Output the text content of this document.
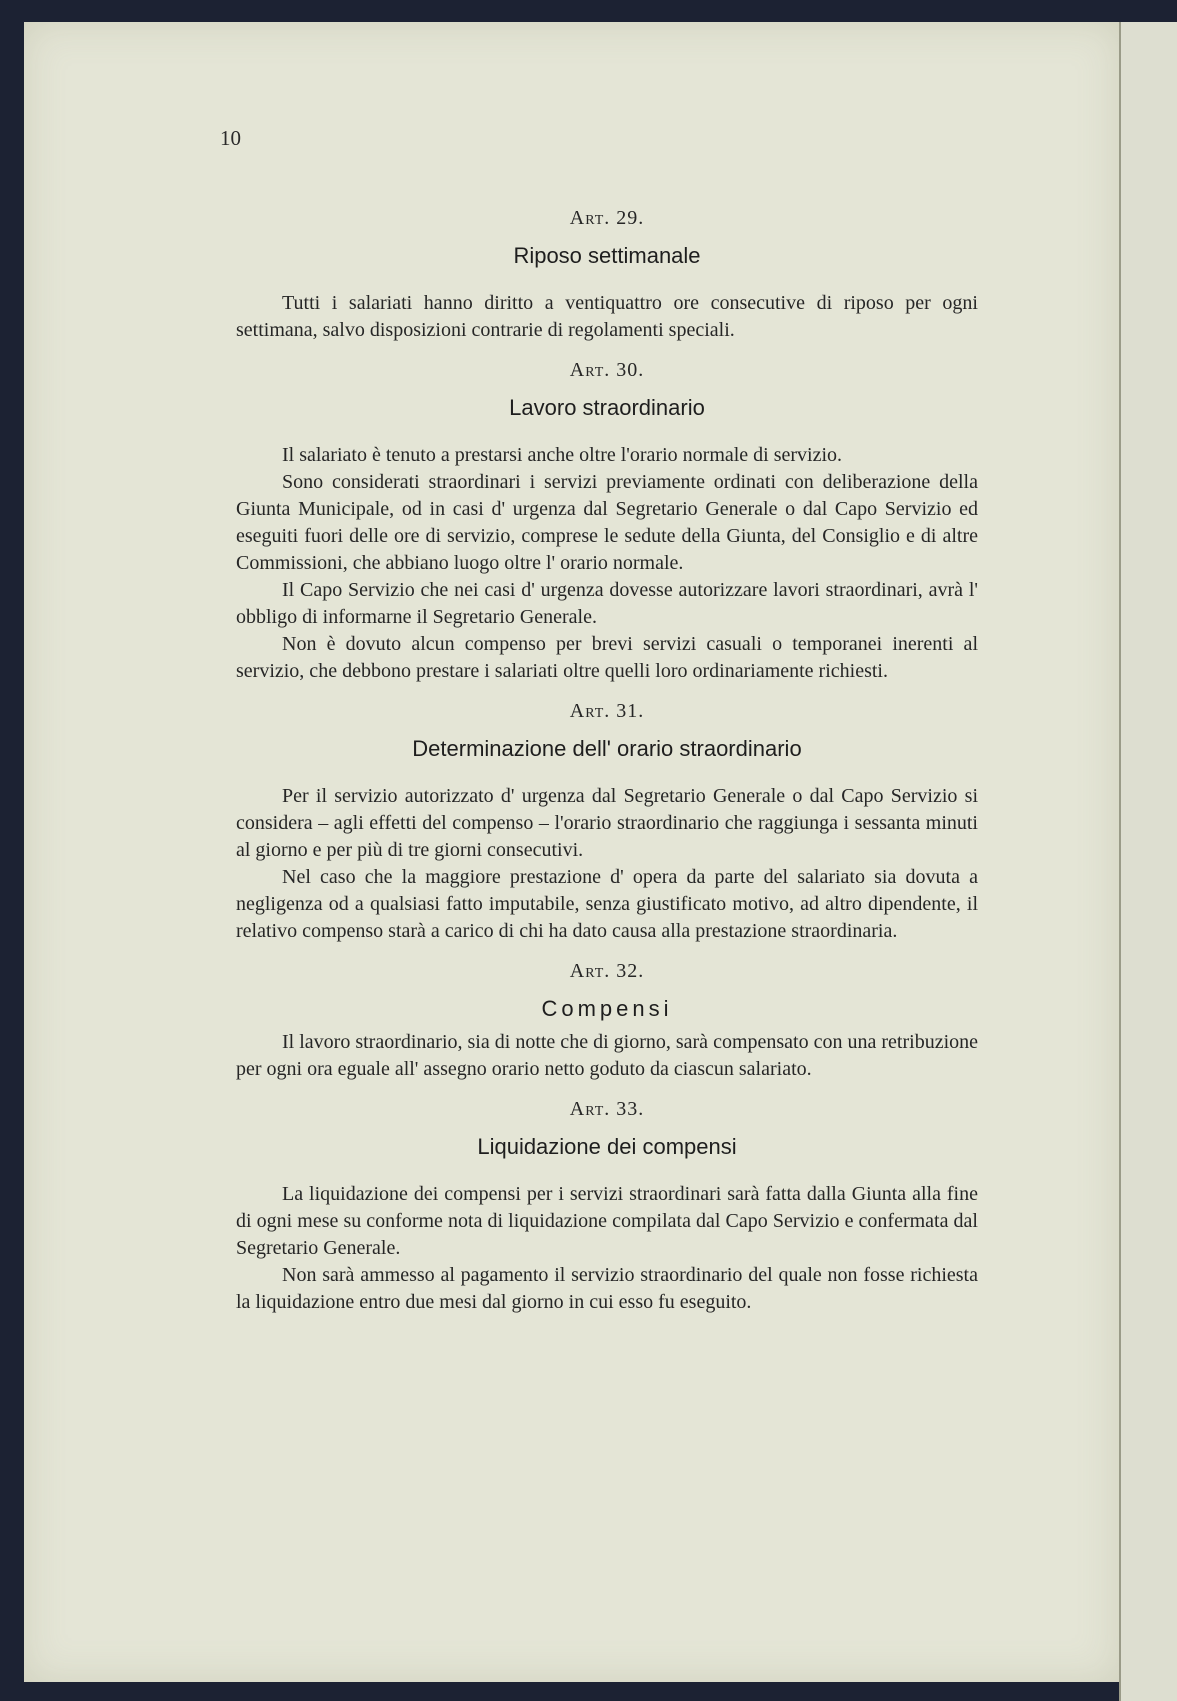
10
Art. 29.
Riposo settimanale

Tutti i salariati hanno diritto a ventiquattro ore consecutive di riposo per ogni settimana, salvo disposizioni contrarie di regolamenti speciali.

Art. 30.
Lavoro straordinario

Il salariato è tenuto a prestarsi anche oltre l'orario normale di servizio.

Sono considerati straordinari i servizi previamente ordinati con deliberazione della Giunta Municipale, od in casi d' urgenza dal Segretario Generale o dal Capo Servizio ed eseguiti fuori delle ore di servizio, comprese le sedute della Giunta, del Consiglio e di altre Commissioni, che abbiano luogo oltre l' orario normale.

Il Capo Servizio che nei casi d' urgenza dovesse autorizzare lavori straordinari, avrà l' obbligo di informarne il Segretario Generale.

Non è dovuto alcun compenso per brevi servizi casuali o temporanei inerenti al servizio, che debbono prestare i salariati oltre quelli loro ordinariamente richiesti.

Art. 31.
Determinazione dell' orario straordinario

Per il servizio autorizzato d' urgenza dal Segretario Generale o dal Capo Servizio si considera – agli effetti del compenso – l'orario straordinario che raggiunga i sessanta minuti al giorno e per più di tre giorni consecutivi.

Nel caso che la maggiore prestazione d' opera da parte del salariato sia dovuta a negligenza od a qualsiasi fatto imputabile, senza giustificato motivo, ad altro dipendente, il relativo compenso starà a carico di chi ha dato causa alla prestazione straordinaria.

Art. 32.
Compensi

Il lavoro straordinario, sia di notte che di giorno, sarà compensato con una retribuzione per ogni ora eguale all' assegno orario netto goduto da ciascun salariato.

Art. 33.
Liquidazione dei compensi

La liquidazione dei compensi per i servizi straordinari sarà fatta dalla Giunta alla fine di ogni mese su conforme nota di liquidazione compilata dal Capo Servizio e confermata dal Segretario Generale.

Non sarà ammesso al pagamento il servizio straordinario del quale non fosse richiesta la liquidazione entro due mesi dal giorno in cui esso fu eseguito.
